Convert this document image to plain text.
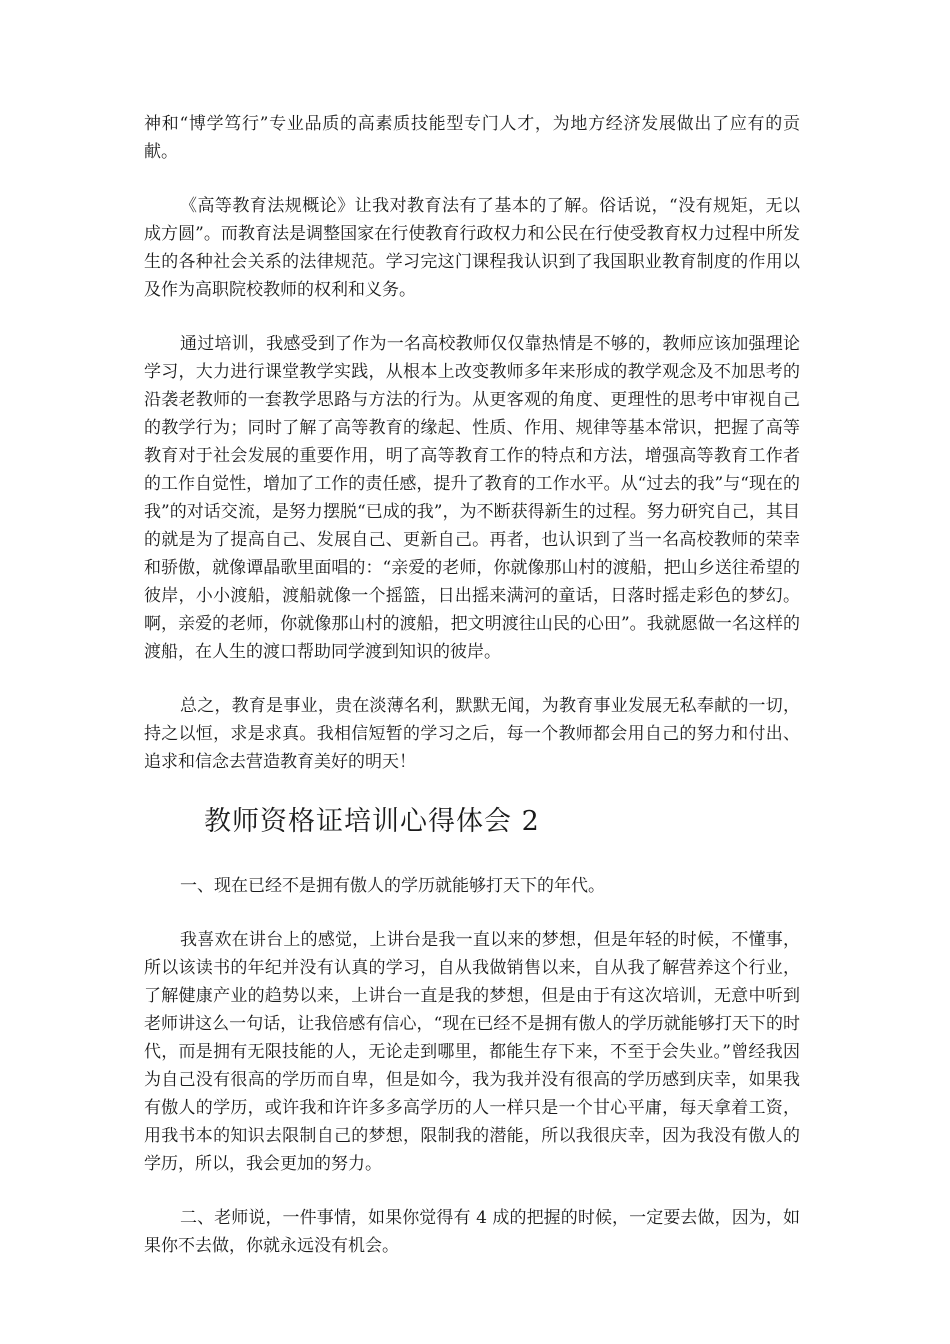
神和“博学笃行”专业品质的高素质技能型专门人才，为地方经济发展做出了应有的贡献。

《高等教育法规概论》让我对教育法有了基本的了解。俗话说，“没有规矩，无以成方圆”。而教育法是调整国家在行使教育行政权力和公民在行使受教育权力过程中所发生的各种社会关系的法律规范。学习完这门课程我认识到了我国职业教育制度的作用以及作为高职院校教师的权利和义务。

通过培训，我感受到了作为一名高校教师仅仅靠热情是不够的，教师应该加强理论学习，大力进行课堂教学实践，从根本上改变教师多年来形成的教学观念及不加思考的沿袭老教师的一套教学思路与方法的行为。从更客观的角度、更理性的思考中审视自己的教学行为；同时了解了高等教育的缘起、性质、作用、规律等基本常识，把握了高等教育对于社会发展的重要作用，明了高等教育工作的特点和方法，增强高等教育工作者的工作自觉性，增加了工作的责任感，提升了教育的工作水平。从“过去的我”与“现在的我”的对话交流，是努力摆脱“已成的我”，为不断获得新生的过程。努力研究自己，其目的就是为了提高自己、发展自己、更新自己。再者，也认识到了当一名高校教师的荣幸和骄傲，就像谭晶歌里面唱的：“亲爱的老师，你就像那山村的渡船，把山乡送往希望的彼岸，小小渡船，渡船就像一个摇篮，日出摇来满河的童话，日落时摇走彩色的梦幻。啊，亲爱的老师，你就像那山村的渡船，把文明渡往山民的心田”。我就愿做一名这样的渡船，在人生的渡口帮助同学渡到知识的彼岸。

总之，教育是事业，贵在淡薄名利，默默无闻，为教育事业发展无私奉献的一切，持之以恒，求是求真。我相信短暂的学习之后，每一个教师都会用自己的努力和付出、追求和信念去营造教育美好的明天！

教师资格证培训心得体会 2

一、现在已经不是拥有傲人的学历就能够打天下的年代。

我喜欢在讲台上的感觉，上讲台是我一直以来的梦想，但是年轻的时候，不懂事，所以该读书的年纪并没有认真的学习，自从我做销售以来，自从我了解营养这个行业，了解健康产业的趋势以来，上讲台一直是我的梦想，但是由于有这次培训，无意中听到老师讲这么一句话，让我倍感有信心，“现在已经不是拥有傲人的学历就能够打天下的时代，而是拥有无限技能的人，无论走到哪里，都能生存下来，不至于会失业。”曾经我因为自己没有很高的学历而自卑，但是如今，我为我并没有很高的学历感到庆幸，如果我有傲人的学历，或许我和许许多多高学历的人一样只是一个甘心平庸，每天拿着工资，用我书本的知识去限制自己的梦想，限制我的潜能，所以我很庆幸，因为我没有傲人的学历，所以，我会更加的努力。

二、老师说，一件事情，如果你觉得有 4 成的把握的时候，一定要去做，因为，如果你不去做，你就永远没有机会。
